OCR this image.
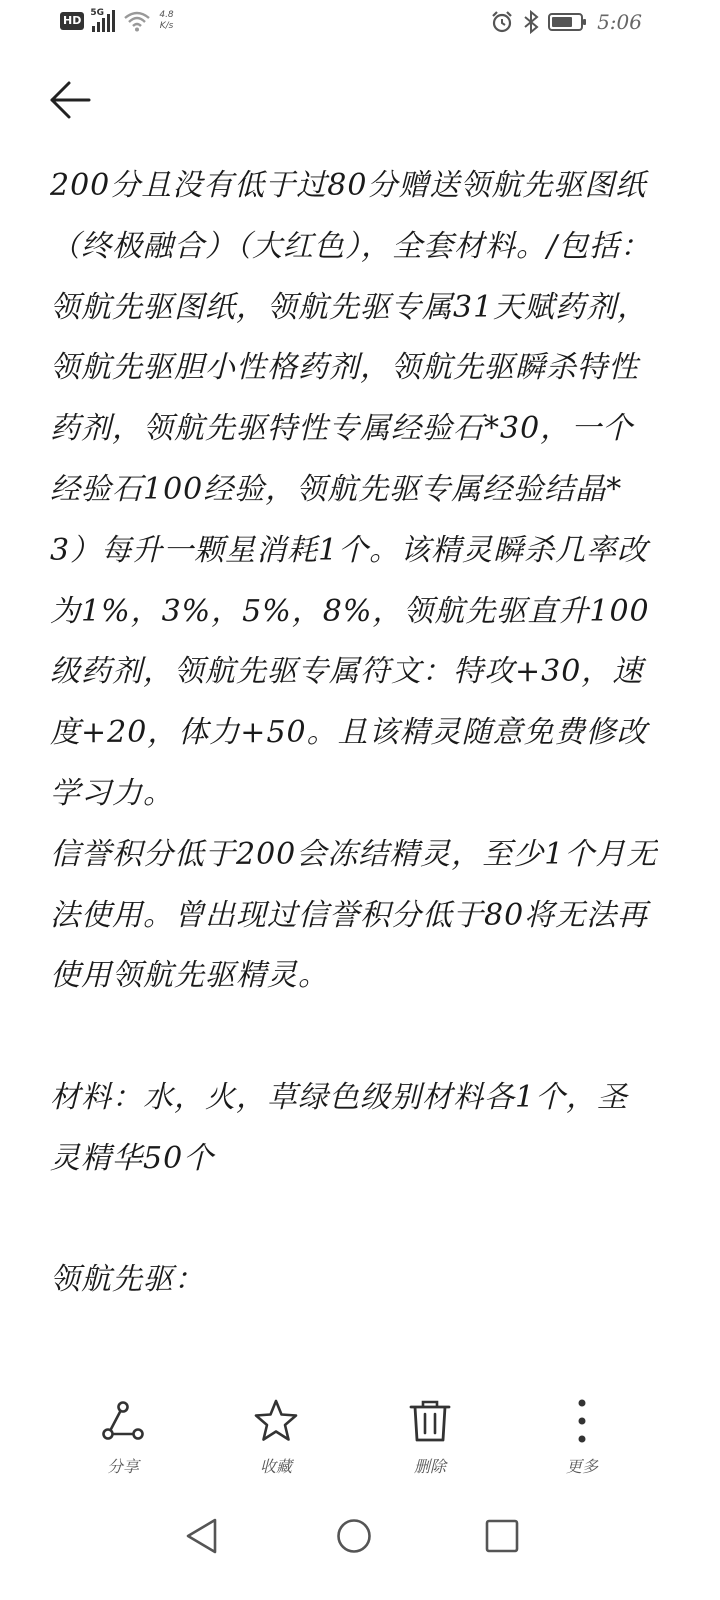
HD
5G	4.8
K/s	5:06

200分且没有低于过80分赠送领航先驱图纸（终极融合）（大红色），全套材料。/包括：领航先驱图纸，领航先驱专属31天赋药剂，领航先驱胆小性格药剂，领航先驱瞬杀特性药剂，领航先驱特性专属经验石*30，一个经验石100经验，领航先驱专属经验结晶*3）每升一颗星消耗1个。该精灵瞬杀几率改为1%，3%，5%，8%，领航先驱直升100级药剂，领航先驱专属符文：特攻+30，速度+20，体力+50。且该精灵随意免费修改学习力。

信誉积分低于200会冻结精灵，至少1个月无法使用。曾出现过信誉积分低于80将无法再使用领航先驱精灵。

材料：水，火，草绿色级别材料各1个，圣灵精华50个

领航先驱：

分享	收藏	删除	更多
